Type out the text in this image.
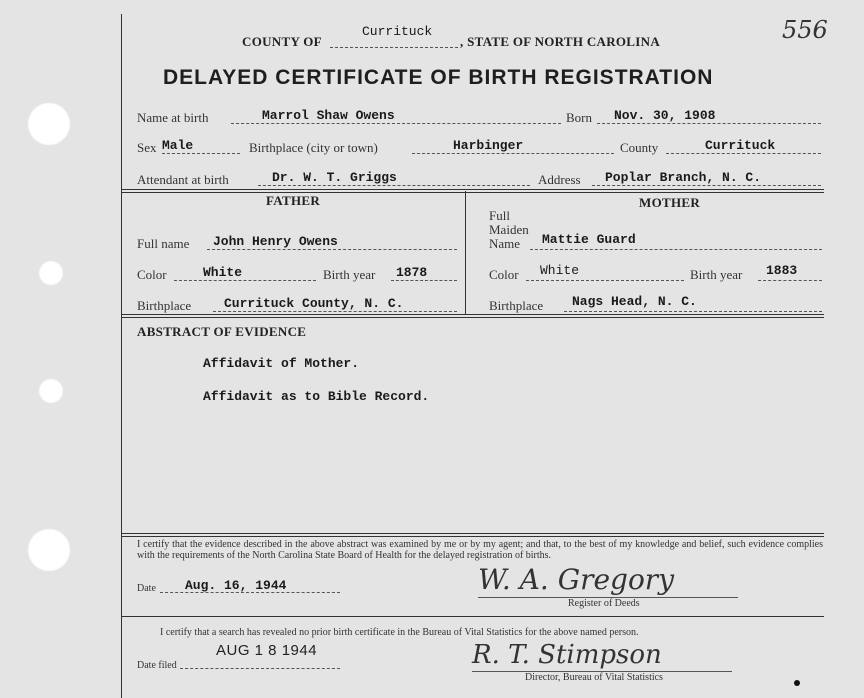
COUNTY OF
Currituck
, STATE OF NORTH CAROLINA	556
DELAYED CERTIFICATE OF BIRTH REGISTRATION
Name at birth	Marrol Shaw Owens	Born Nov. 30, 1908
Sex Male	Birthplace (city or town)	Harbinger	County	Currituck
Attendant at birth	Dr. W. T. Griggs	Address Poplar Branch, N. C.
FATHER
Full name John Henry Owens
Color	White	Birth year 1878
Birthplace	Currituck County, N. C.
MOTHER
Full
Maiden
Name Mattie Guard
Color White	Birth year 1883
Birthplace Nags Head, N. C.
ABSTRACT OF EVIDENCE
Affidavit of Mother.
Affidavit as to Bible Record.
I certify that the evidence described in the above abstract was examined by me or by my agent; and that, to the best of my knowledge and belief, such evidence complies with the requirements of the North Carolina State Board of Health for the delayed registration of births.
Date Aug. 16, 1944	W. A. Gregory
Register of Deeds
I certify that a search has revealed no prior birth certificate in the Bureau of Vital Statistics for the above named person.
AUG 1 8 1944
Date filed	R. T. Stimpson
Director, Bureau of Vital Statistics
